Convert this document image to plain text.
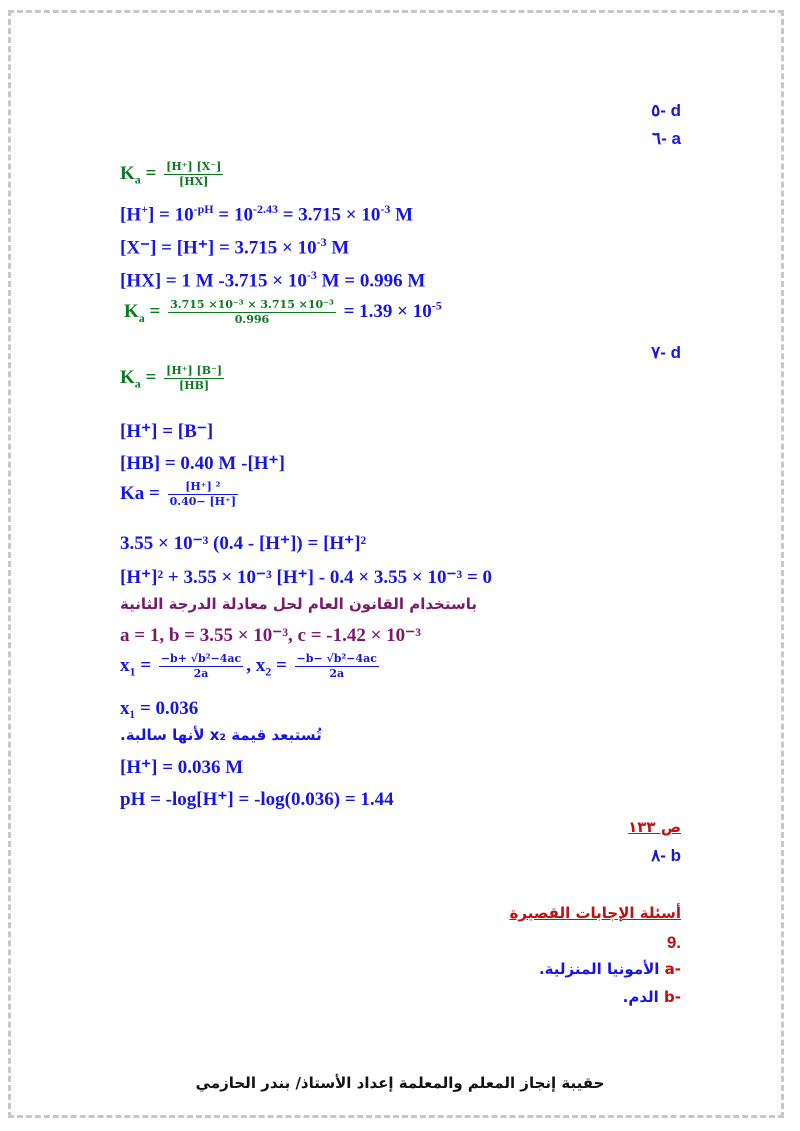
d -٥
a -٦
$K_a = \frac{[H^+] [X^-]}{[HX]}$
$[H^+] = 10^{-pH} = 10^{-2.43} = 3.715 \times 10^{-3}$ M
$[X^-] = [H^+] = 3.715 \times 10^{-3}$ M
[HX] = 1 M $-3.715 \times 10^{-3}$ M = 0.996 M
$K_a = \frac{\text{3.715 ×10⁻³ × 3.715 ×10⁻³}}{0.996} = 1.39 \times 10^{-5}$
d -٧
$K_a = \frac{[H^+] [B^-]}{[HB]}$
[H⁺] = [B⁻]
[HB] = 0.40 M -[H⁺]
$Ka = \frac{\text{[H⁺] ²}}{0.40- [H^+]}$
3.55 × 10⁻³ (0.4 - [H⁺]) = [H⁺]²
[H⁺]² + 3.55 × 10⁻³ [H⁺] - 0.4 × 3.55 × 10⁻³ = 0
باستخدام القانون العام لحل معادلة الدرجة الثانية
a = 1, b = 3.55 × 10⁻³, c = -1.42 × 10⁻³
$x_1 = \frac{\text{−b+ √b²−4ac}}{2a}$ , $x_2 = \frac{\text{−b− √b²−4ac}}{2a}$
x₁ = 0.036
تُستبعد قيمة x₂ لأنها سالبة.
[H⁺] = 0.036 M
pH = -log[H⁺] = -log(0.036) = 1.44
ص ١٣٣
b -٨
أسئلة الإجابات القصيرة
9.
a- الأمونيا المنزلية.
b- الدم.
حقيبة إنجاز المعلم والمعلمة إعداد الأستاذ/ بندر الحازمي
